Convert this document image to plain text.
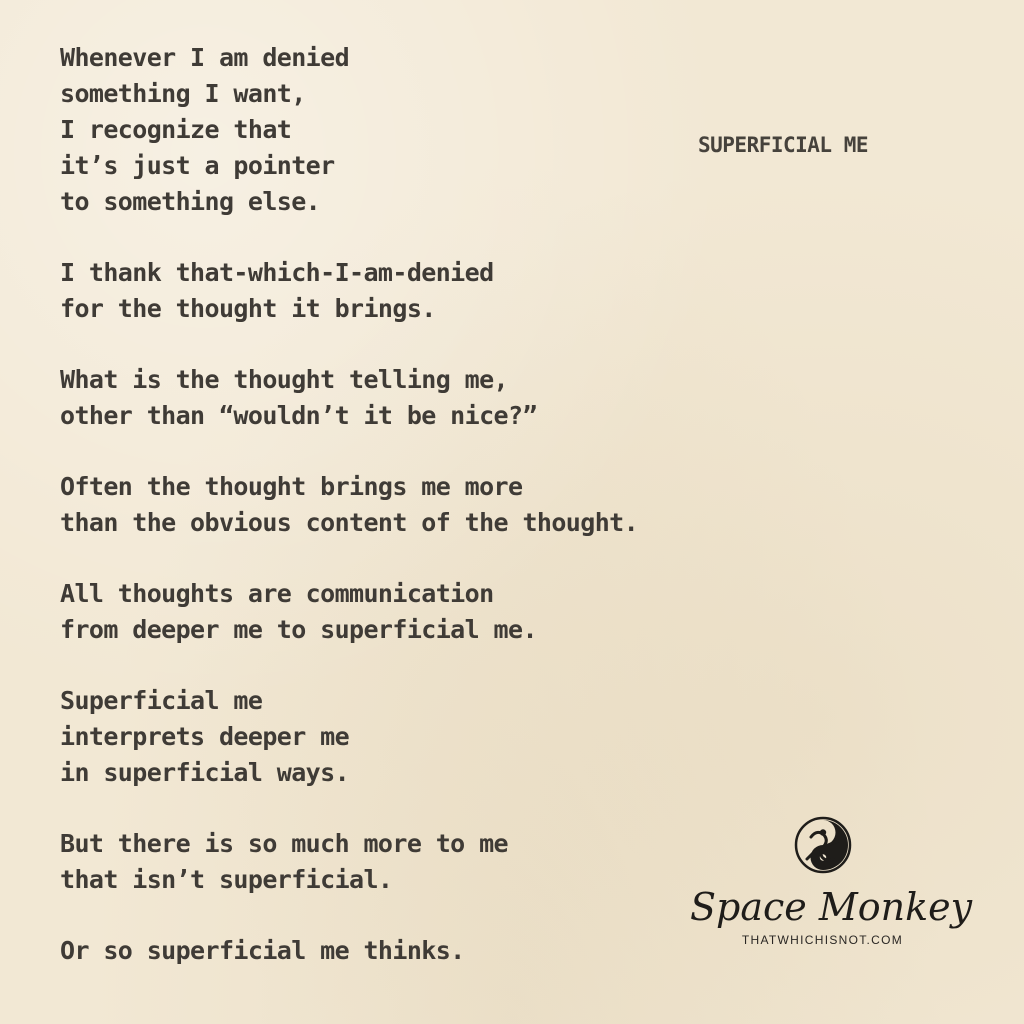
Whenever I am denied
something I want,
I recognize that
it’s just a pointer
to something else.
I thank that-which-I-am-denied
for the thought it brings.
What is the thought telling me,
other than “wouldn’t it be nice?”
Often the thought brings me more
than the obvious content of the thought.
All thoughts are communication
from deeper me to superficial me.
Superficial me
interprets deeper me
in superficial ways.
But there is so much more to me
that isn’t superficial.
Or so superficial me thinks.
SUPERFICIAL ME
Space Monkey
THATWHICHISNOT.COM
